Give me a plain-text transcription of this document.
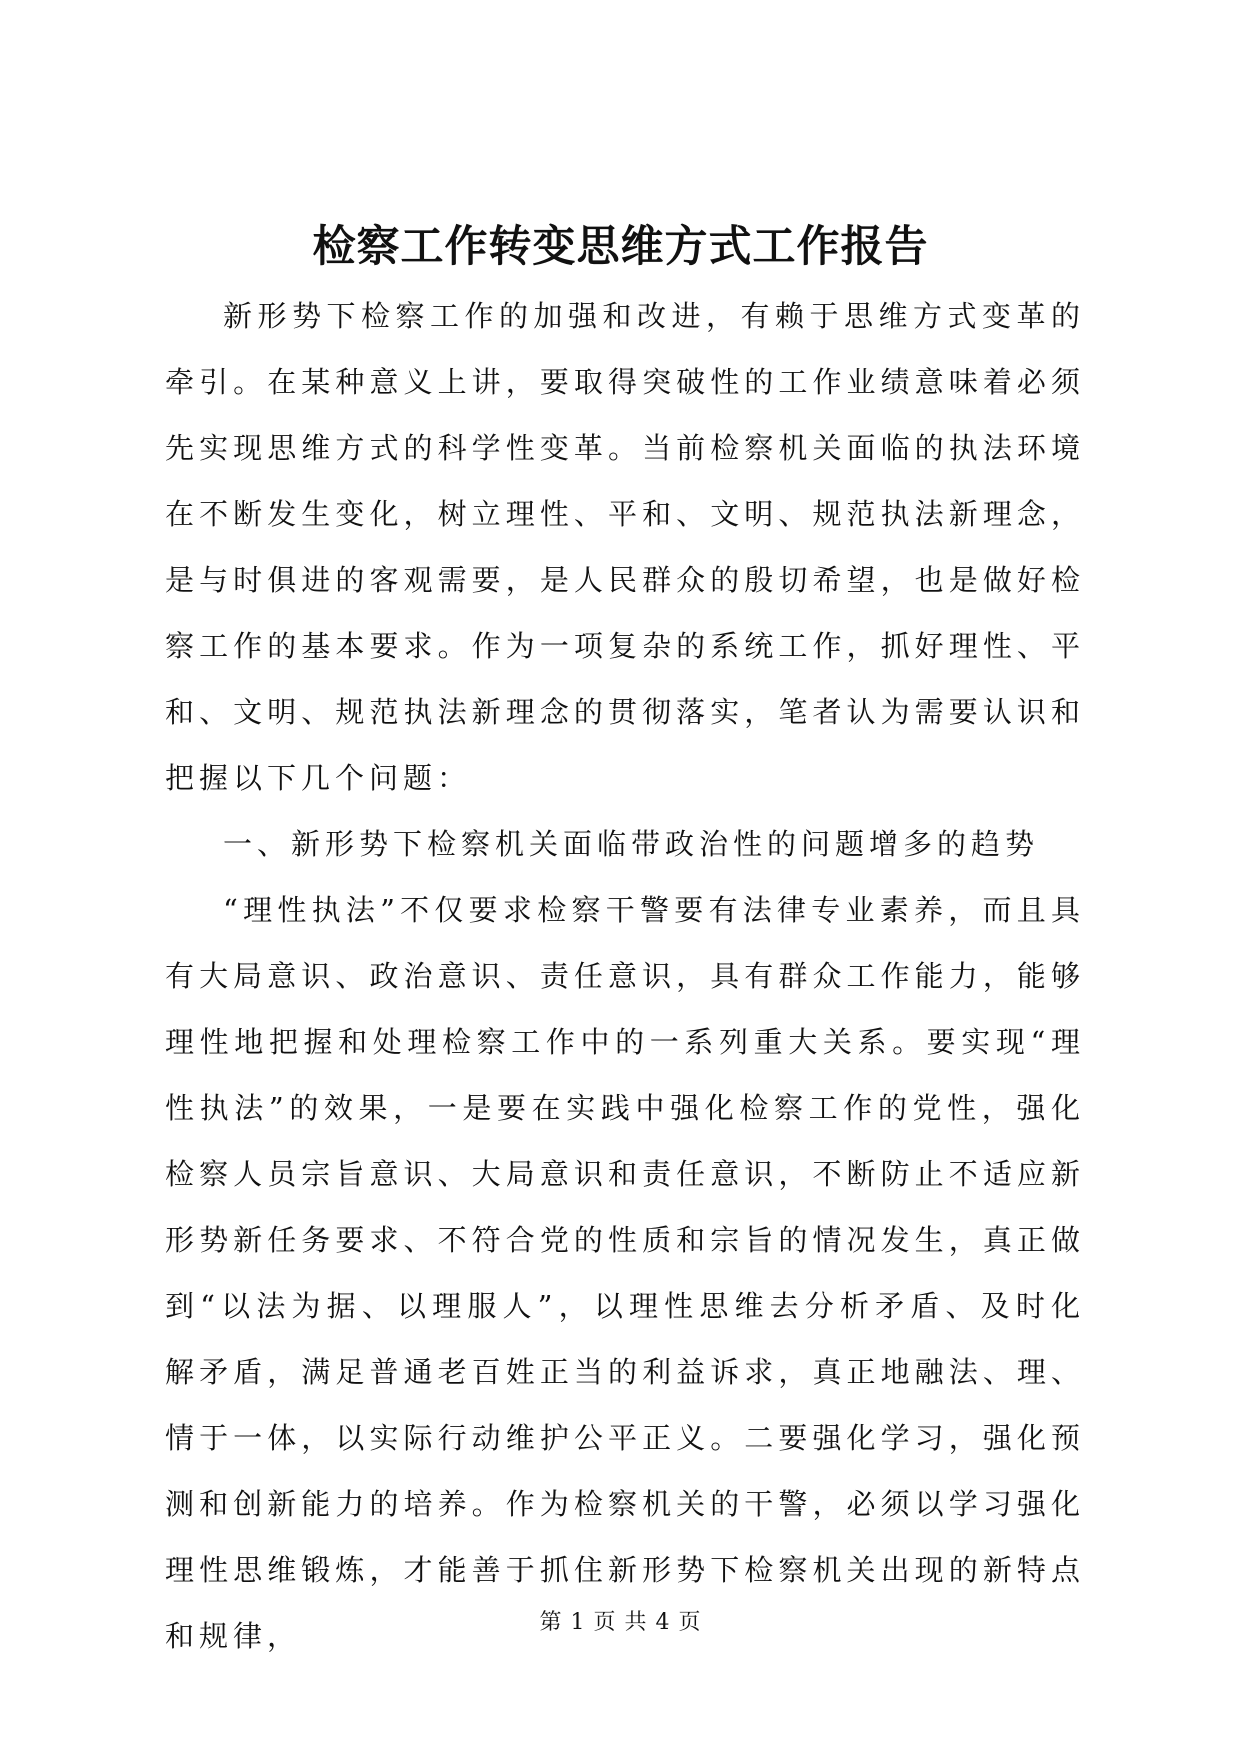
检察工作转变思维方式工作报告

新形势下检察工作的加强和改进，有赖于思维方式变革的牵引。在某种意义上讲，要取得突破性的工作业绩意味着必须先实现思维方式的科学性变革。当前检察机关面临的执法环境在不断发生变化，树立理性、平和、文明、规范执法新理念，是与时俱进的客观需要，是人民群众的殷切希望，也是做好检察工作的基本要求。作为一项复杂的系统工作，抓好理性、平和、文明、规范执法新理念的贯彻落实，笔者认为需要认识和把握以下几个问题：

一、新形势下检察机关面临带政治性的问题增多的趋势

“理性执法”不仅要求检察干警要有法律专业素养，而且具有大局意识、政治意识、责任意识，具有群众工作能力，能够理性地把握和处理检察工作中的一系列重大关系。要实现“理性执法”的效果，一是要在实践中强化检察工作的党性，强化检察人员宗旨意识、大局意识和责任意识，不断防止不适应新形势新任务要求、不符合党的性质和宗旨的情况发生，真正做到“以法为据、以理服人”，以理性思维去分析矛盾、及时化解矛盾，满足普通老百姓正当的利益诉求，真正地融法、理、情于一体，以实际行动维护公平正义。二要强化学习，强化预测和创新能力的培养。作为检察机关的干警，必须以学习强化理性思维锻炼，才能善于抓住新形势下检察机关出现的新特点和规律，	第 1 页 共 4 页
